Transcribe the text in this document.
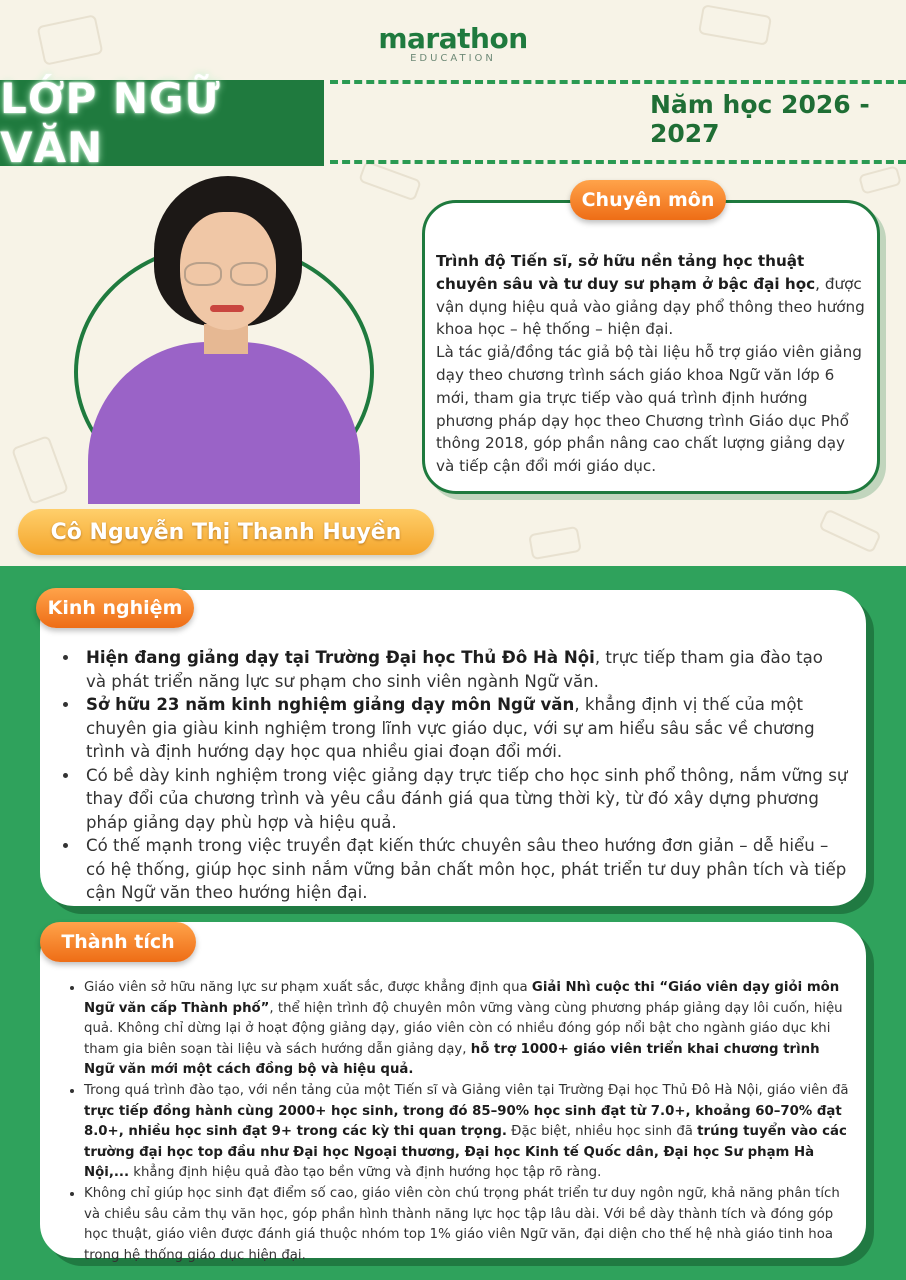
marathon
EDUCATION
LỚP NGỮ VĂN
Năm học 2026 - 2027
Cô Nguyễn Thị Thanh Huyền
Chuyên môn

Trình độ Tiến sĩ, sở hữu nền tảng học thuật chuyên sâu và tư duy sư phạm ở bậc đại học, được vận dụng hiệu quả vào giảng dạy phổ thông theo hướng khoa học – hệ thống – hiện đại.

Là tác giả/đồng tác giả bộ tài liệu hỗ trợ giáo viên giảng dạy theo chương trình sách giáo khoa Ngữ văn lớp 6 mới, tham gia trực tiếp vào quá trình định hướng phương pháp dạy học theo Chương trình Giáo dục Phổ thông 2018, góp phần nâng cao chất lượng giảng dạy và tiếp cận đổi mới giáo dục.

Kinh nghiệm
• Hiện đang giảng dạy tại Trường Đại học Thủ Đô Hà Nội, trực tiếp tham gia đào tạo và phát triển năng lực sư phạm cho sinh viên ngành Ngữ văn.
• Sở hữu 23 năm kinh nghiệm giảng dạy môn Ngữ văn, khẳng định vị thế của một chuyên gia giàu kinh nghiệm trong lĩnh vực giáo dục, với sự am hiểu sâu sắc về chương trình và định hướng dạy học qua nhiều giai đoạn đổi mới.
• Có bề dày kinh nghiệm trong việc giảng dạy trực tiếp cho học sinh phổ thông, nắm vững sự thay đổi của chương trình và yêu cầu đánh giá qua từng thời kỳ, từ đó xây dựng phương pháp giảng dạy phù hợp và hiệu quả.
• Có thế mạnh trong việc truyền đạt kiến thức chuyên sâu theo hướng đơn giản – dễ hiểu – có hệ thống, giúp học sinh nắm vững bản chất môn học, phát triển tư duy phân tích và tiếp cận Ngữ văn theo hướng hiện đại.
Thành tích
• Giáo viên sở hữu năng lực sư phạm xuất sắc, được khẳng định qua Giải Nhì cuộc thi “Giáo viên dạy giỏi môn Ngữ văn cấp Thành phố”, thể hiện trình độ chuyên môn vững vàng cùng phương pháp giảng dạy lôi cuốn, hiệu quả. Không chỉ dừng lại ở hoạt động giảng dạy, giáo viên còn có nhiều đóng góp nổi bật cho ngành giáo dục khi tham gia biên soạn tài liệu và sách hướng dẫn giảng dạy, hỗ trợ 1000+ giáo viên triển khai chương trình Ngữ văn mới một cách đồng bộ và hiệu quả.
• Trong quá trình đào tạo, với nền tảng của một Tiến sĩ và Giảng viên tại Trường Đại học Thủ Đô Hà Nội, giáo viên đã trực tiếp đồng hành cùng 2000+ học sinh, trong đó 85–90% học sinh đạt từ 7.0+, khoảng 60–70% đạt 8.0+, nhiều học sinh đạt 9+ trong các kỳ thi quan trọng. Đặc biệt, nhiều học sinh đã trúng tuyển vào các trường đại học top đầu như Đại học Ngoại thương, Đại học Kinh tế Quốc dân, Đại học Sư phạm Hà Nội,... khẳng định hiệu quả đào tạo bền vững và định hướng học tập rõ ràng.
• Không chỉ giúp học sinh đạt điểm số cao, giáo viên còn chú trọng phát triển tư duy ngôn ngữ, khả năng phân tích và chiều sâu cảm thụ văn học, góp phần hình thành năng lực học tập lâu dài. Với bề dày thành tích và đóng góp học thuật, giáo viên được đánh giá thuộc nhóm top 1% giáo viên Ngữ văn, đại diện cho thế hệ nhà giáo tinh hoa trong hệ thống giáo dục hiện đại.
